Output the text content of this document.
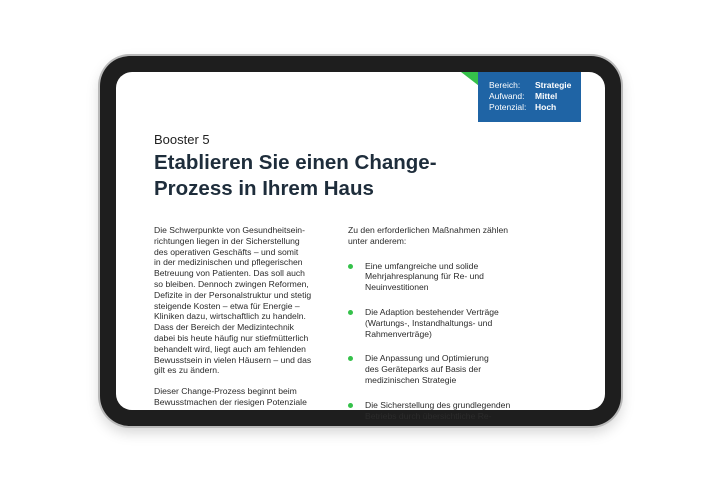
Bereich:	Strategie
Aufwand:	Mittel
Potenzial:	Hoch
Booster 5
Etablieren Sie einen Change-
Prozess in Ihrem Haus

Die Schwerpunkte von Gesundheitsein-
richtungen liegen in der Sicherstellung
des operativen Geschäfts – und somit
in der medizinischen und pflegerischen
Betreuung von Patienten. Das soll auch
so bleiben. Dennoch zwingen Reformen,
Defizite in der Personalstruktur und stetig
steigende Kosten – etwa für Energie –
Kliniken dazu, wirtschaftlich zu handeln.
Dass der Bereich der Medizintechnik
dabei bis heute häufig nur stiefmütterlich
behandelt wird, liegt auch am fehlenden
Bewusstsein in vielen Häusern – und das
gilt es zu ändern.

Dieser Change-Prozess beginnt beim
Bewusstmachen der riesigen Potenziale

Zu den erforderlichen Maßnahmen zählen
unter anderem:

Eine umfangreiche und solide
Mehrjahresplanung für Re- und
Neuinvestitionen
Die Adaption bestehender Verträge
(Wartungs-, Instandhaltungs- und
Rahmenverträge)
Die Anpassung und Optimierung
des Geräteparks auf Basis der
medizinischen Strategie
Die Sicherstellung des grundlegenden
Betriebs durch übersichtliche Re-
